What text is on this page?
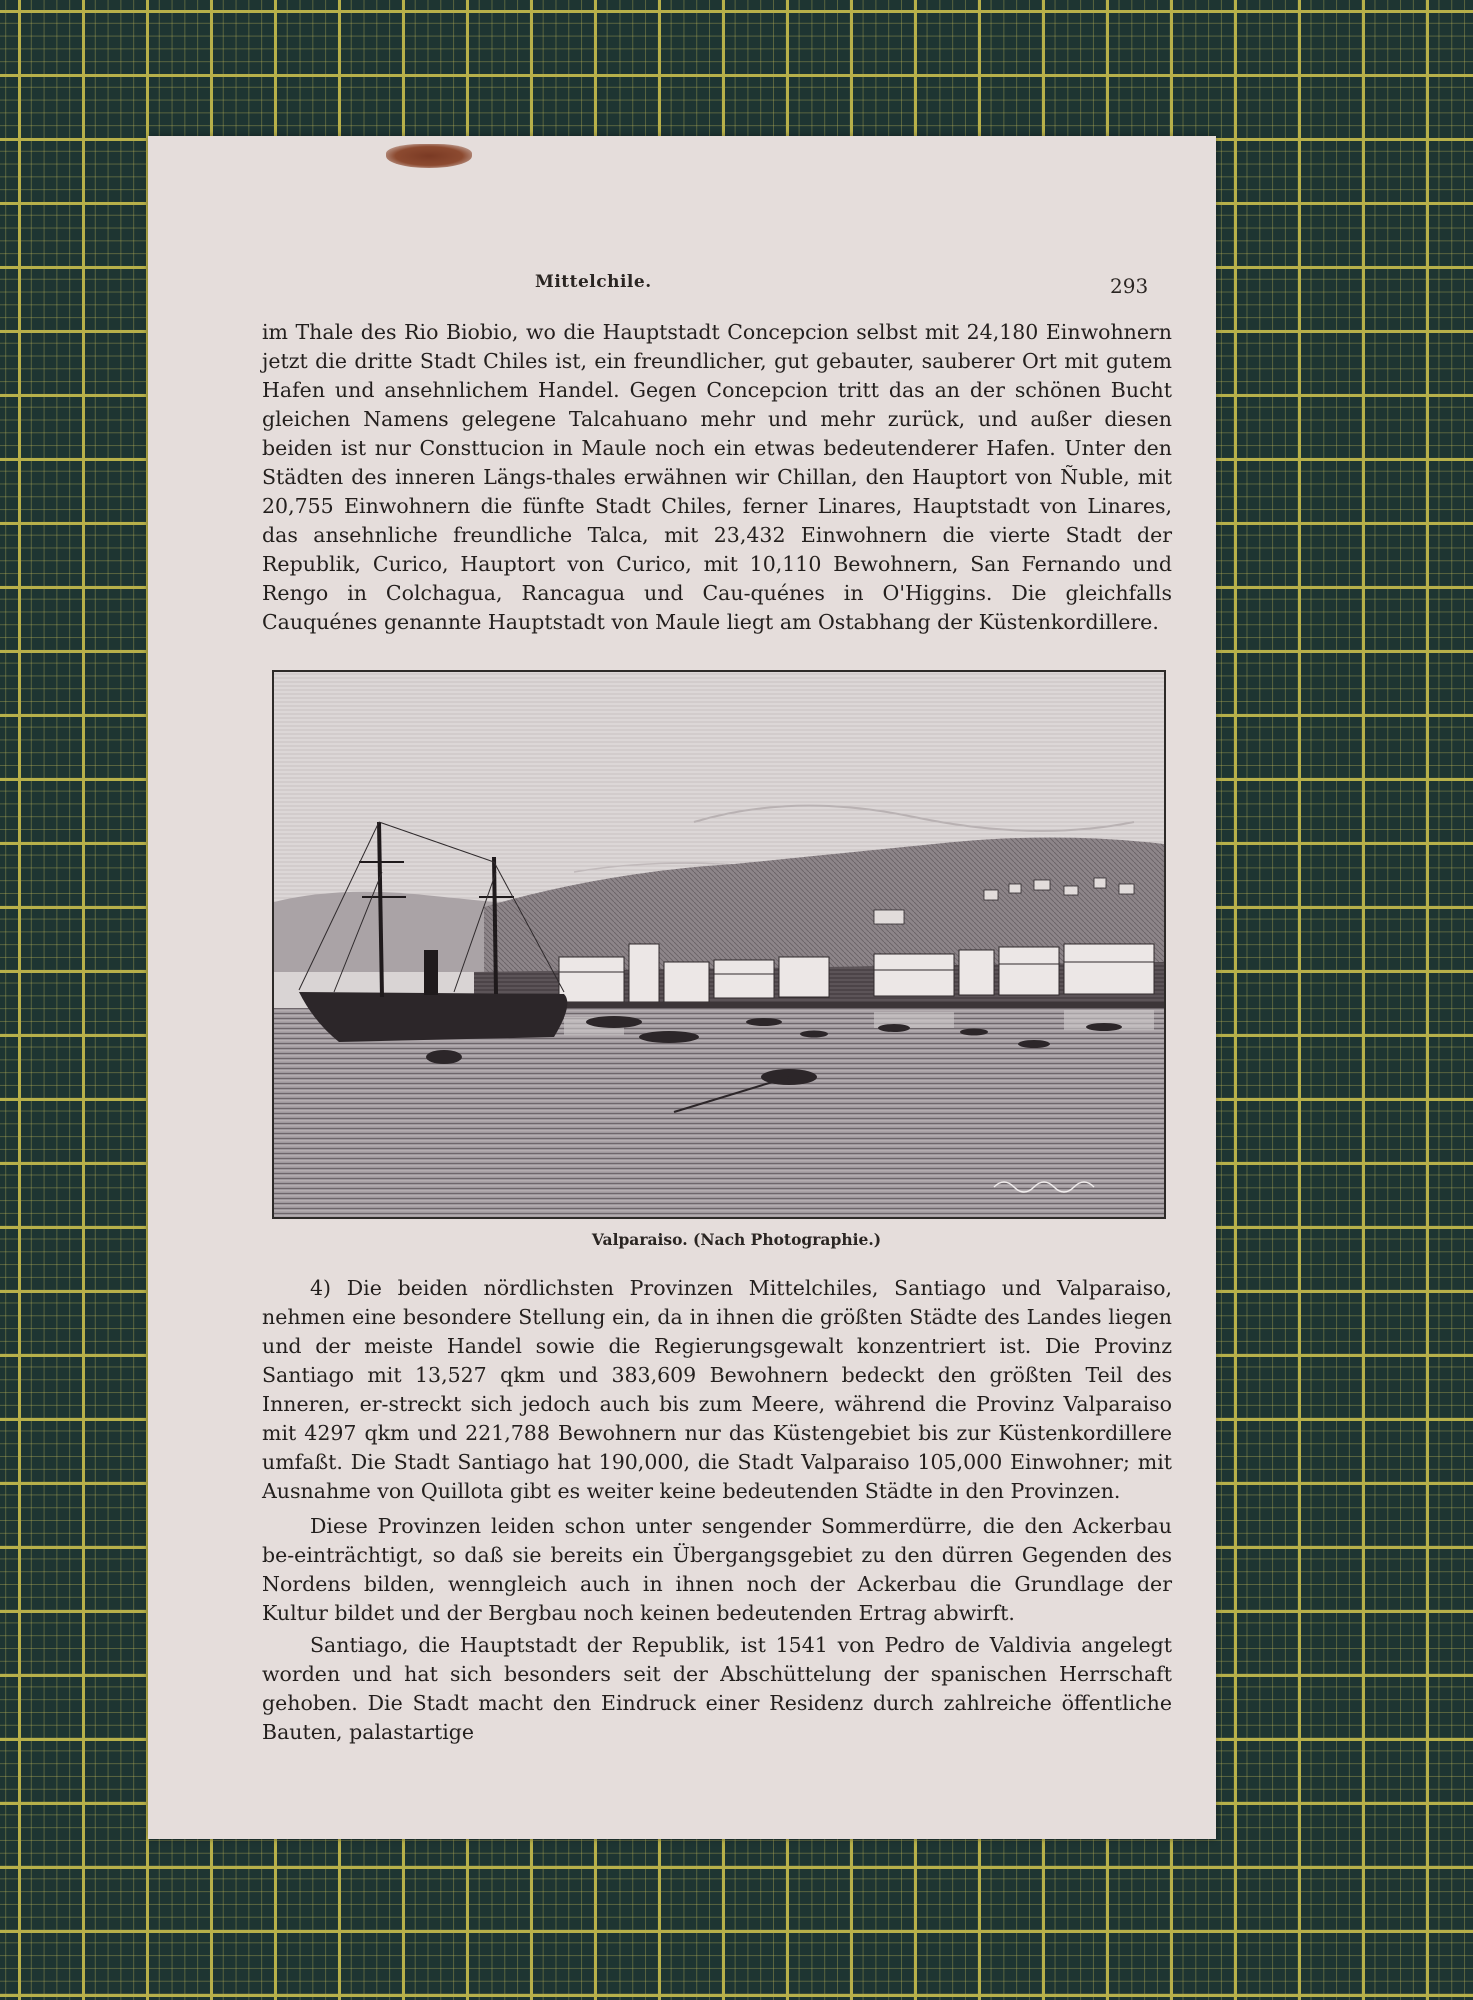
Mittelchile.	293

im Thale des Rio Biobio, wo die Hauptstadt Concepcion selbst mit 24,180 Einwohnern jetzt die dritte Stadt Chiles ist, ein freundlicher, gut gebauter, sauberer Ort mit gutem Hafen und ansehnlichem Handel. Gegen Concepcion tritt das an der schönen Bucht gleichen Namens gelegene Talcahuano mehr und mehr zurück, und außer diesen beiden ist nur Consttucion in Maule noch ein etwas bedeutenderer Hafen. Unter den Städten des inneren Längs-thales erwähnen wir Chillan, den Hauptort von Ñuble, mit 20,755 Einwohnern die fünfte Stadt Chiles, ferner Linares, Hauptstadt von Linares, das ansehnliche freundliche Talca, mit 23,432 Einwohnern die vierte Stadt der Republik, Curico, Hauptort von Curico, mit 10,110 Bewohnern, San Fernando und Rengo in Colchagua, Rancagua und Cau-quénes in O'Higgins. Die gleichfalls Cauquénes genannte Hauptstadt von Maule liegt am Ostabhang der Küstenkordillere.

Valparaiso. (Nach Photographie.)

4) Die beiden nördlichsten Provinzen Mittelchiles, Santiago und Valparaiso, nehmen eine besondere Stellung ein, da in ihnen die größten Städte des Landes liegen und der meiste Handel sowie die Regierungsgewalt konzentriert ist. Die Provinz Santiago mit 13,527 qkm und 383,609 Bewohnern bedeckt den größten Teil des Inneren, er-streckt sich jedoch auch bis zum Meere, während die Provinz Valparaiso mit 4297 qkm und 221,788 Bewohnern nur das Küstengebiet bis zur Küstenkordillere umfaßt. Die Stadt Santiago hat 190,000, die Stadt Valparaiso 105,000 Einwohner; mit Ausnahme von Quillota gibt es weiter keine bedeutenden Städte in den Provinzen.

Diese Provinzen leiden schon unter sengender Sommerdürre, die den Ackerbau be-einträchtigt, so daß sie bereits ein Übergangsgebiet zu den dürren Gegenden des Nordens bilden, wenngleich auch in ihnen noch der Ackerbau die Grundlage der Kultur bildet und der Bergbau noch keinen bedeutenden Ertrag abwirft.

Santiago, die Hauptstadt der Republik, ist 1541 von Pedro de Valdivia angelegt worden und hat sich besonders seit der Abschüttelung der spanischen Herrschaft gehoben. Die Stadt macht den Eindruck einer Residenz durch zahlreiche öffentliche Bauten, palastartige
